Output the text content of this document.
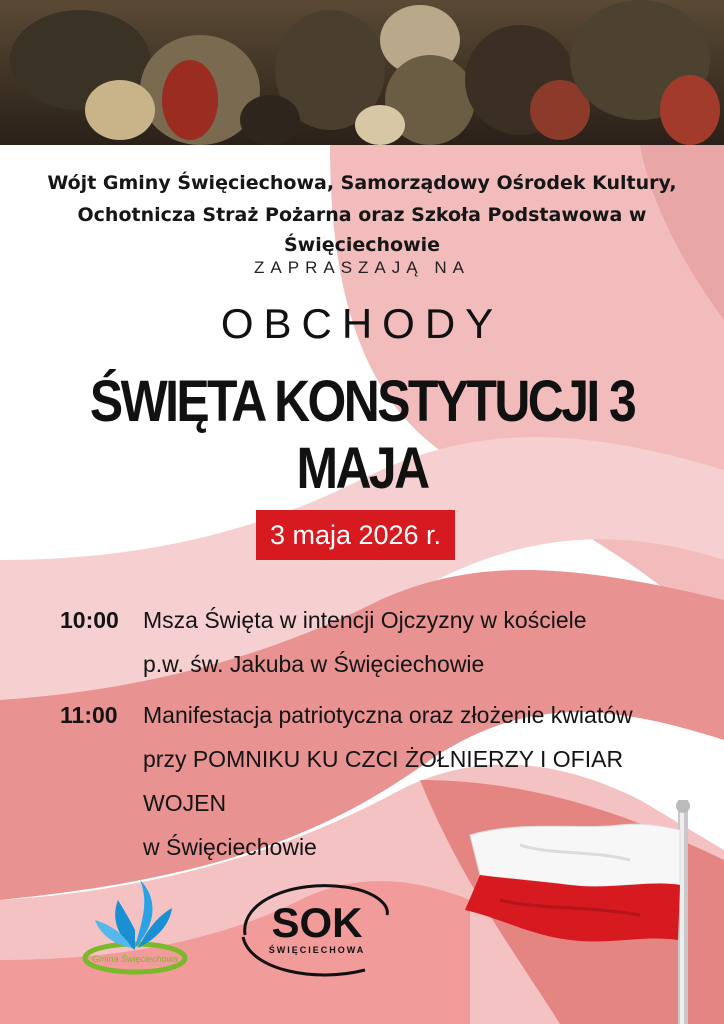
Wójt Gminy Święciechowa, Samorządowy Ośrodek Kultury,
Ochotnicza Straż Pożarna oraz Szkoła Podstawowa w Święciechowie
ZAPRASZAJĄ NA
OBCHODY
ŚWIĘTA KONSTYTUCJI 3 MAJA
3 maja 2026 r.
10:00 Msza Święta w intencji Ojczyzny w kościele
p.w. św. Jakuba w Święciechowie
11:00 Manifestacja patriotyczna oraz złożenie kwiatów
przy POMNIKU KU CZCI ŻOŁNIERZY I OFIAR WOJEN
w Święciechowie
Gmina Święciechowa
SOK
ŚWIĘCIECHOWA
